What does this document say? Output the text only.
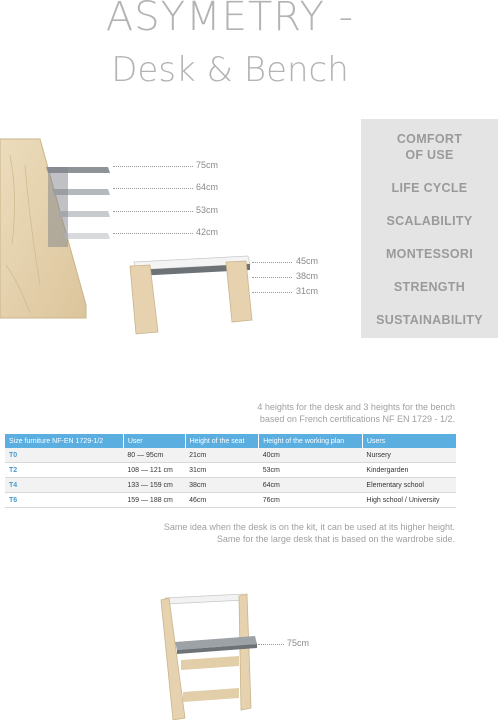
ASYMETRY -
Desk & Bench
75cm
64cm
53cm
42cm
45cm
38cm
31cm
COMFORT
OF USE
LIFE CYCLE
SCALABILITY
MONTESSORI
STRENGTH
SUSTAINABILITY
4 heights for the desk and 3 heights for the bench
based on French certifications NF EN 1729 - 1/2.
Size furniture NF-EN 1729-1/2	User	Height of the seat	Height of the working plan	Users
T0	80 — 95cm	21cm	40cm	Nursery
T2	108 — 121 cm	31cm	53cm	Kindergarden
T4	133 — 159 cm	38cm	64cm	Elementary school
T6	159 — 188 cm	46cm	76cm	High school / University
Same idea when the desk is on the kit, it can be used at its higher height.
Same for the large desk that is based on the wardrobe side.
75cm
